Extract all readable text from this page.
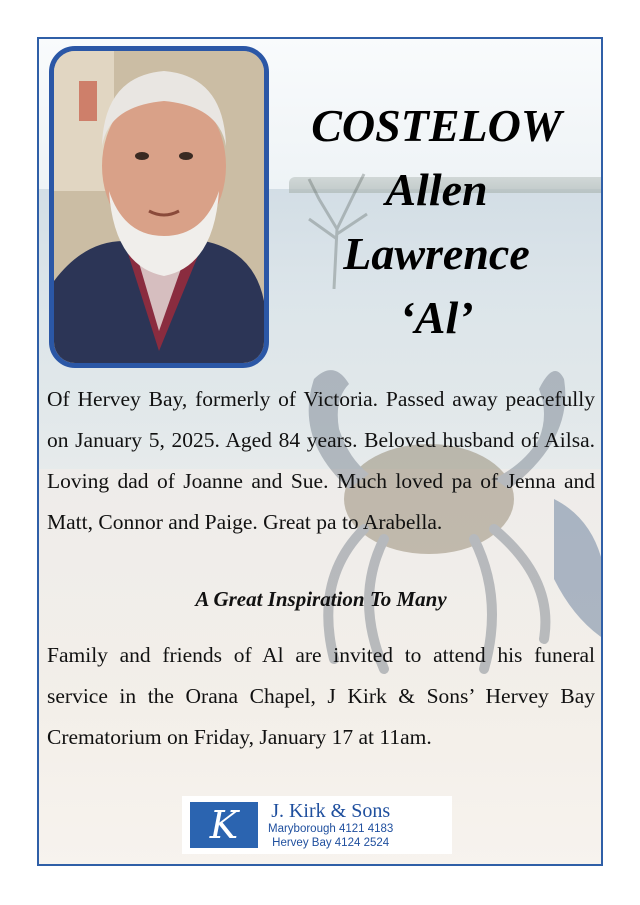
COSTELOW
Allen
Lawrence
‘Al’
Of Hervey Bay, formerly of Victoria. Passed away peacefully on January 5, 2025. Aged 84 years. Beloved husband of Ailsa. Loving dad of Joanne and Sue. Much loved pa of Jenna and Matt, Connor and Paige. Great pa to Arabella.
A Great Inspiration To Many
Family and friends of Al are invited to attend his funeral service in the Orana Chapel, J Kirk & Sons’ Hervey Bay Crematorium on Friday, January 17 at 11am.
K	J. Kirk & Sons
Maryborough 4121 4183
Hervey Bay 4124 2524
